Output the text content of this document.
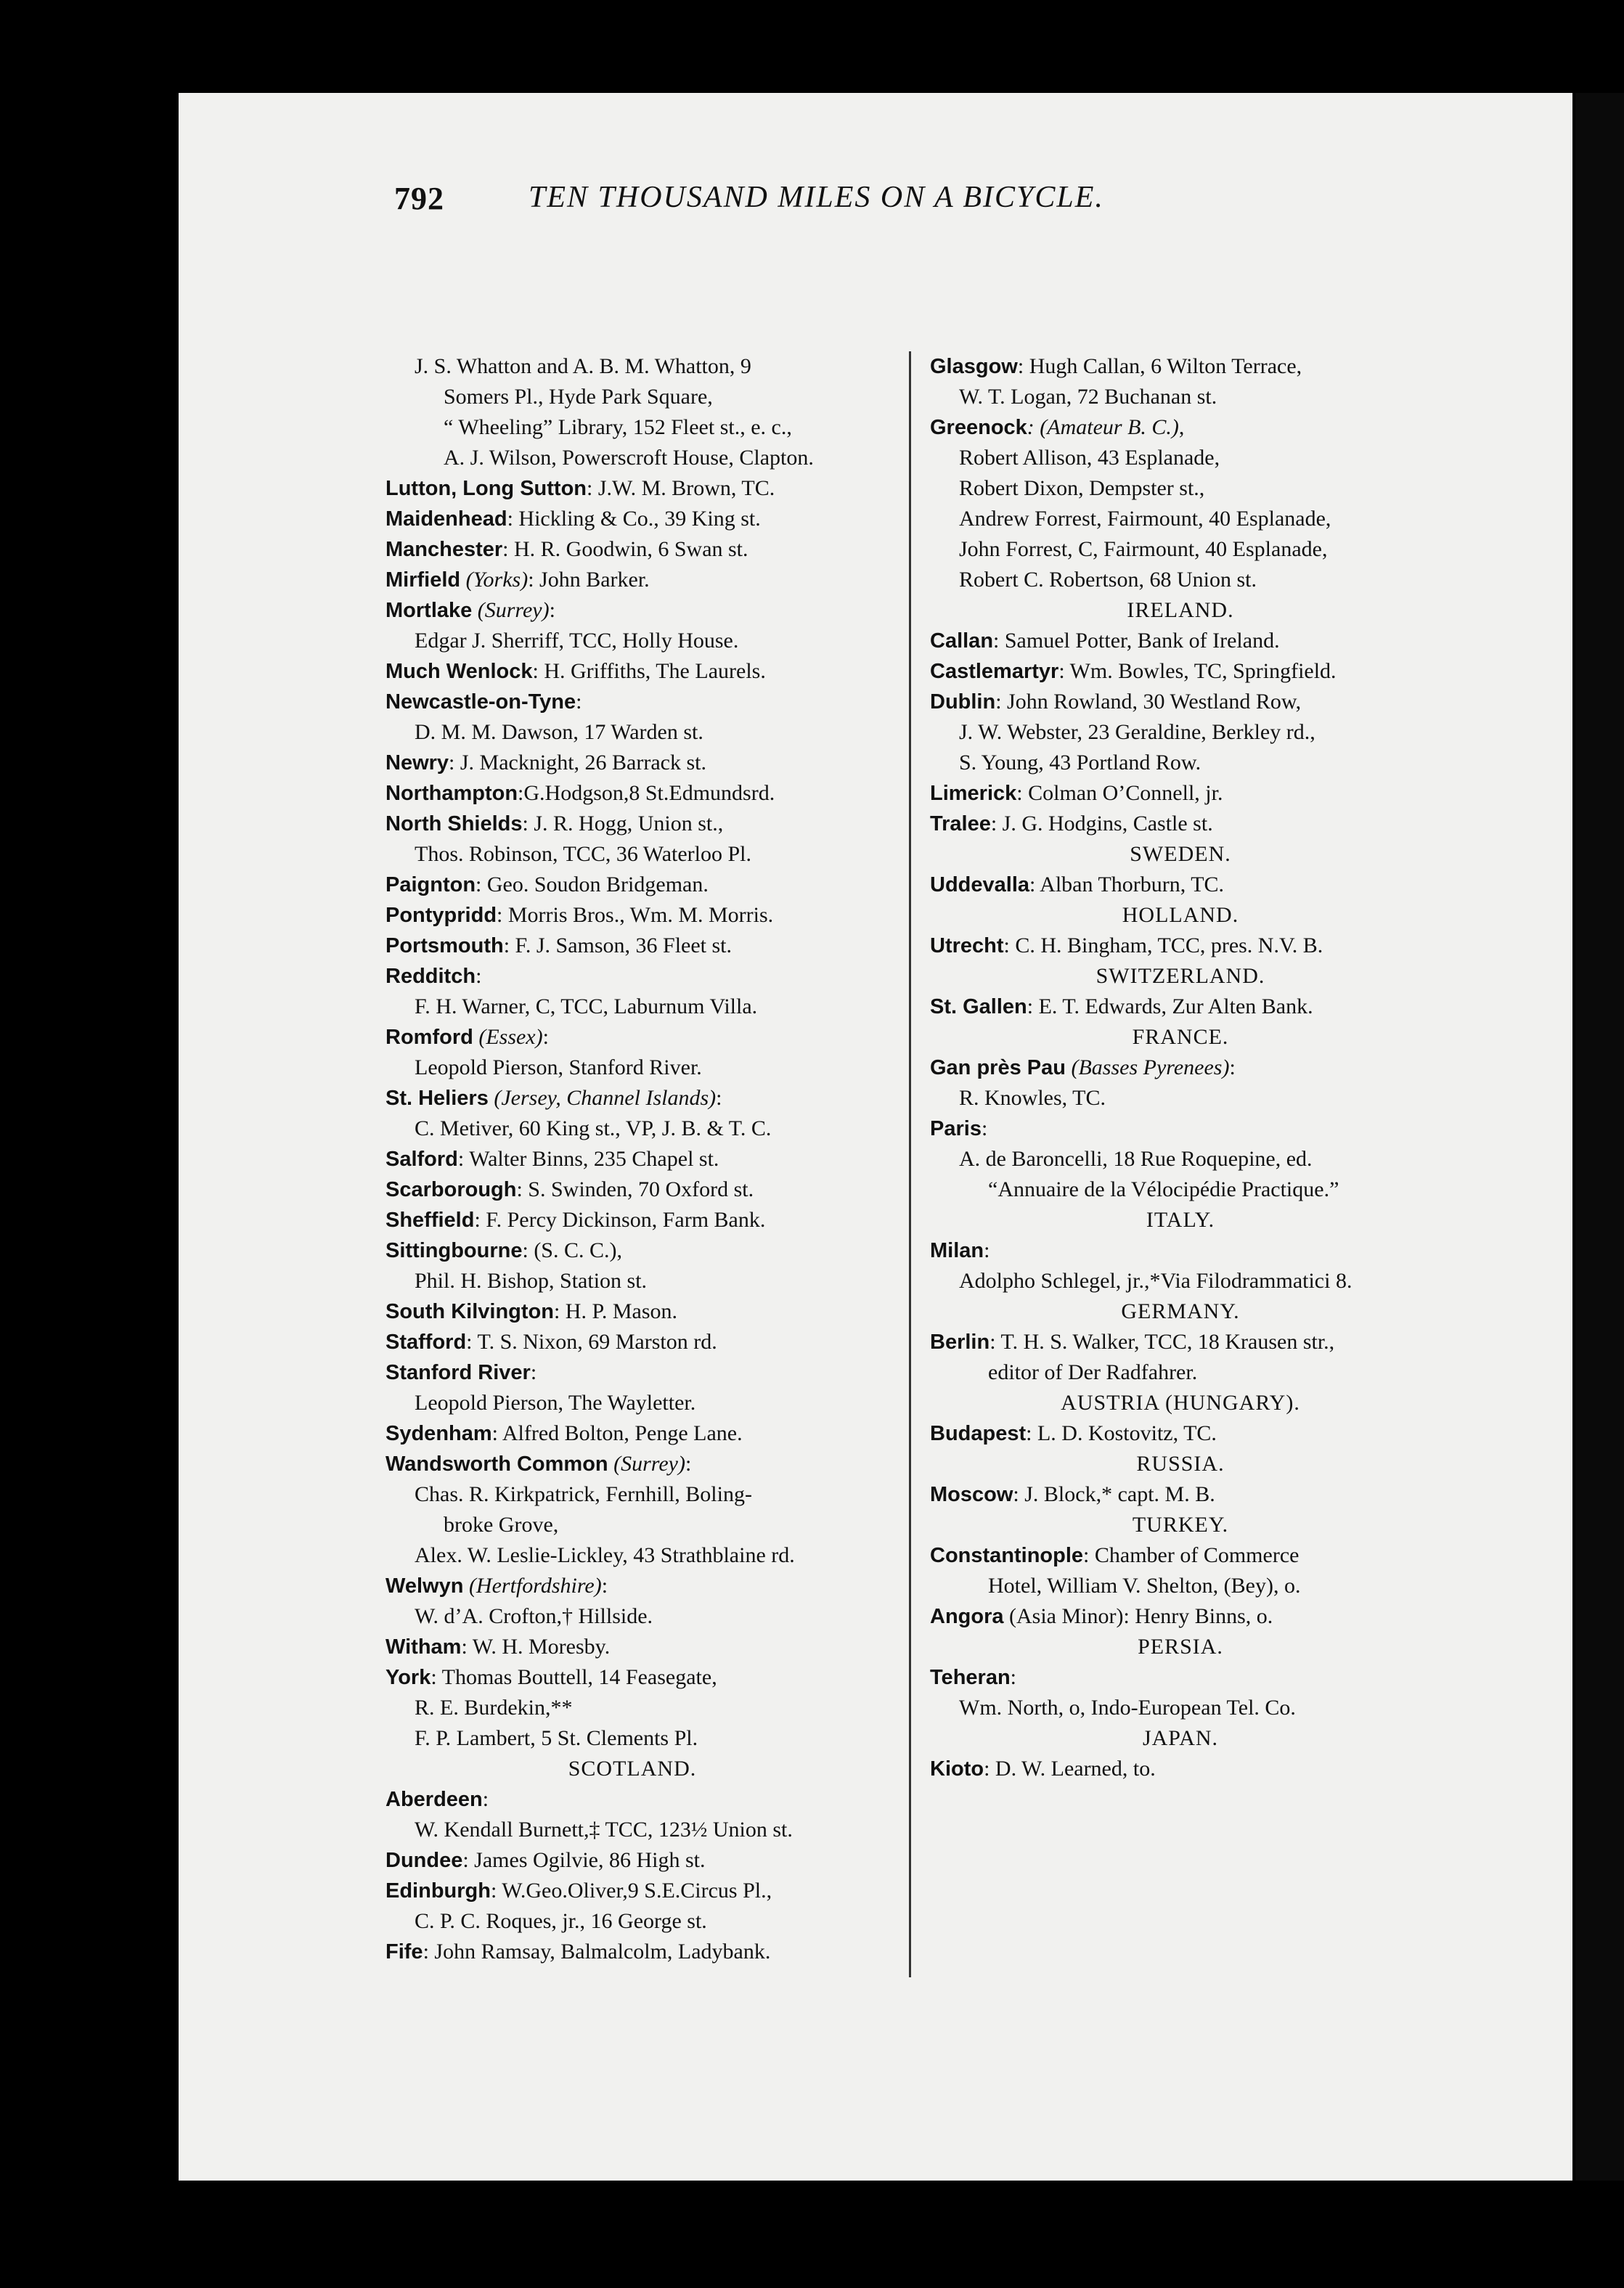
792	TEN THOUSAND MILES ON A BICYCLE.
J. S. Whatton and A. B. M. Whatton, 9
Somers Pl., Hyde Park Square,
“ Wheeling” Library, 152 Fleet st., e. c.,
A. J. Wilson, Powerscroft House, Clapton.
Lutton, Long Sutton: J.W. M. Brown, TC.
Maidenhead: Hickling & Co., 39 King st.
Manchester: H. R. Goodwin, 6 Swan st.
Mirfield (Yorks): John Barker.
Mortlake (Surrey):
Edgar J. Sherriff, TCC, Holly House.
Much Wenlock: H. Griffiths, The Laurels.
Newcastle-on-Tyne:
D. M. M. Dawson, 17 Warden st.
Newry: J. Macknight, 26 Barrack st.
Northampton:G.Hodgson,8 St.Edmundsrd.
North Shields: J. R. Hogg, Union st.,
Thos. Robinson, TCC, 36 Waterloo Pl.
Paignton: Geo. Soudon Bridgeman.
Pontypridd: Morris Bros., Wm. M. Morris.
Portsmouth: F. J. Samson, 36 Fleet st.
Redditch:
F. H. Warner, C, TCC, Laburnum Villa.
Romford (Essex):
Leopold Pierson, Stanford River.
St. Heliers (Jersey, Channel Islands):
C. Metiver, 60 King st., VP, J. B. & T. C.
Salford: Walter Binns, 235 Chapel st.
Scarborough: S. Swinden, 70 Oxford st.
Sheffield: F. Percy Dickinson, Farm Bank.
Sittingbourne: (S. C. C.),
Phil. H. Bishop, Station st.
South Kilvington: H. P. Mason.
Stafford: T. S. Nixon, 69 Marston rd.
Stanford River:
Leopold Pierson, The Wayletter.
Sydenham: Alfred Bolton, Penge Lane.
Wandsworth Common (Surrey):
Chas. R. Kirkpatrick, Fernhill, Boling-
broke Grove,
Alex. W. Leslie-Lickley, 43 Strathblaine rd.
Welwyn (Hertfordshire):
W. d’A. Crofton,† Hillside.
Witham: W. H. Moresby.
York: Thomas Bouttell, 14 Feasegate,
R. E. Burdekin,**
F. P. Lambert, 5 St. Clements Pl.
SCOTLAND.
Aberdeen:
W. Kendall Burnett,‡ TCC, 123½ Union st.
Dundee: James Ogilvie, 86 High st.
Edinburgh: W.Geo.Oliver,9 S.E.Circus Pl.,
C. P. C. Roques, jr., 16 George st.
Fife: John Ramsay, Balmalcolm, Ladybank.
Glasgow: Hugh Callan, 6 Wilton Terrace,
W. T. Logan, 72 Buchanan st.
Greenock: (Amateur B. C.),
Robert Allison, 43 Esplanade,
Robert Dixon, Dempster st.,
Andrew Forrest, Fairmount, 40 Esplanade,
John Forrest, C, Fairmount, 40 Esplanade,
Robert C. Robertson, 68 Union st.
IRELAND.
Callan: Samuel Potter, Bank of Ireland.
Castlemartyr: Wm. Bowles, TC, Springfield.
Dublin: John Rowland, 30 Westland Row,
J. W. Webster, 23 Geraldine, Berkley rd.,
S. Young, 43 Portland Row.
Limerick: Colman O’Connell, jr.
Tralee: J. G. Hodgins, Castle st.
SWEDEN.
Uddevalla: Alban Thorburn, TC.
HOLLAND.
Utrecht: C. H. Bingham, TCC, pres. N.V. B.
SWITZERLAND.
St. Gallen: E. T. Edwards, Zur Alten Bank.
FRANCE.
Gan près Pau (Basses Pyrenees):
R. Knowles, TC.
Paris:
A. de Baroncelli, 18 Rue Roquepine, ed.
“Annuaire de la Vélocipédie Practique.”
ITALY.
Milan:
Adolpho Schlegel, jr.,*Via Filodrammatici 8.
GERMANY.
Berlin: T. H. S. Walker, TCC, 18 Krausen str.,
editor of Der Radfahrer.
AUSTRIA (HUNGARY).
Budapest: L. D. Kostovitz, TC.
RUSSIA.
Moscow: J. Block,* capt. M. B.
TURKEY.
Constantinople: Chamber of Commerce
Hotel, William V. Shelton, (Bey), o.
Angora (Asia Minor): Henry Binns, o.
PERSIA.
Teheran:
Wm. North, o, Indo-European Tel. Co.
JAPAN.
Kioto: D. W. Learned, to.
